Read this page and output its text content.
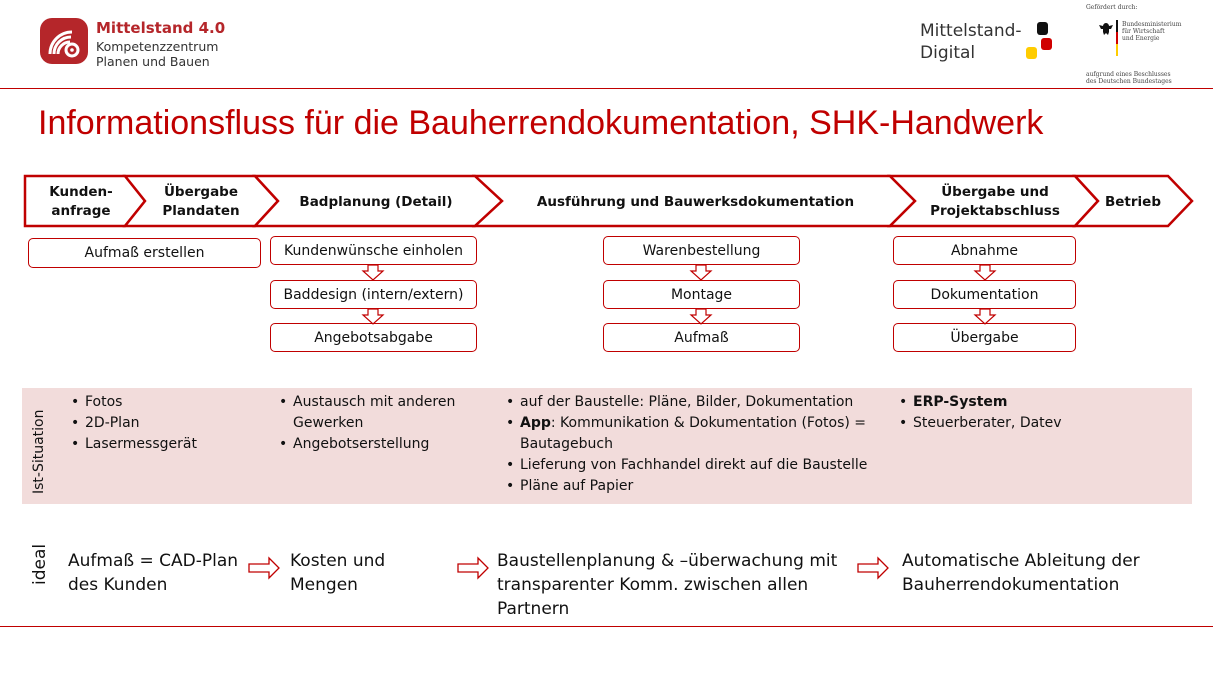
Mittelstand 4.0
Kompetenzzentrum
Planen und Bauen
Mittelstand-
Digital
Gefördert durch:
Bundesministerium
für Wirtschaft
und Energie
aufgrund eines Beschlusses
des Deutschen Bundestages
Informationsfluss für die Bauherrendokumentation, SHK-Handwerk
Kunden-
anfrage
Übergabe
Plandaten
Badplanung (Detail)	Ausführung und Bauwerksdokumentation
Übergabe und
Projektabschluss
Betrieb
Aufmaß erstellen	Kundenwünsche einholen
Baddesign (intern/extern)
Angebotsabgabe
Warenbestellung
Montage
Aufmaß
Abnahme
Dokumentation
Übergabe
Ist-Situation
• Fotos
• 2D-Plan
• Lasermessgerät
• Austausch mit anderen Gewerken
• Angebotserstellung
• auf der Baustelle: Pläne, Bilder, Dokumentation
• App: Kommunikation & Dokumentation (Fotos) = Bautagebuch
• Lieferung von Fachhandel direkt auf die Baustelle
• Pläne auf Papier
• ERP-System
• Steuerberater, Datev
ideal Aufmaß = CAD-Plan des Kunden
Kosten und Mengen
Baustellenplanung & –überwachung mit transparenter Komm. zwischen allen Partnern
Automatische Ableitung der Bauherrendokumentation
